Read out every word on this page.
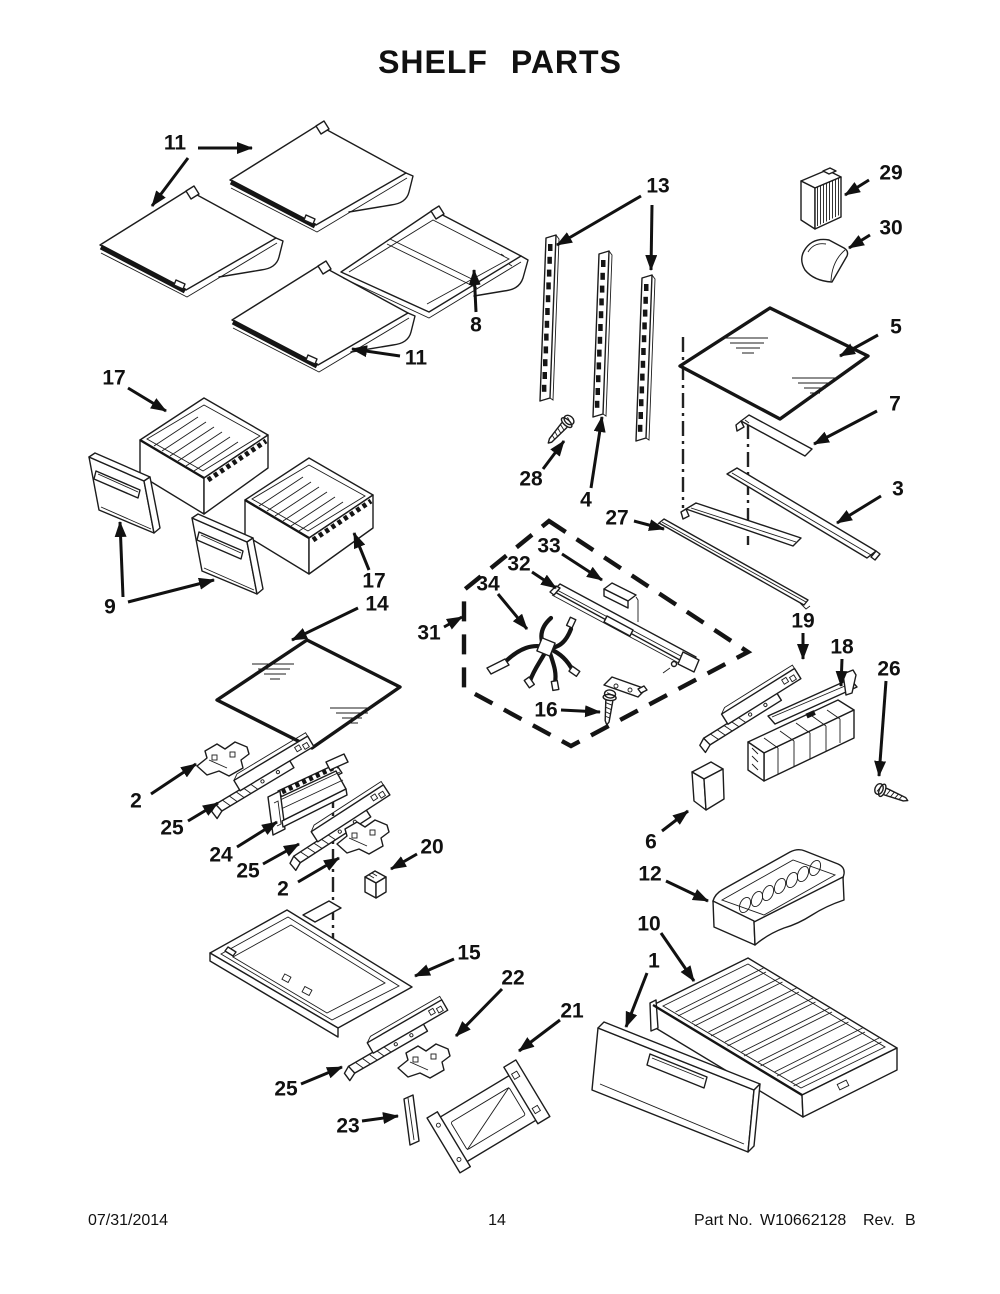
SHELF PARTS
11
8
11
17
9
17
14
13
28
4
29
30
5
7
3
27
33
32
34
31
16
19
18
26
2
25
24
25
2
20	6
12
10
1
15
22
21
25
23
07/31/2014	14	Part No. W10662128 Rev. B
